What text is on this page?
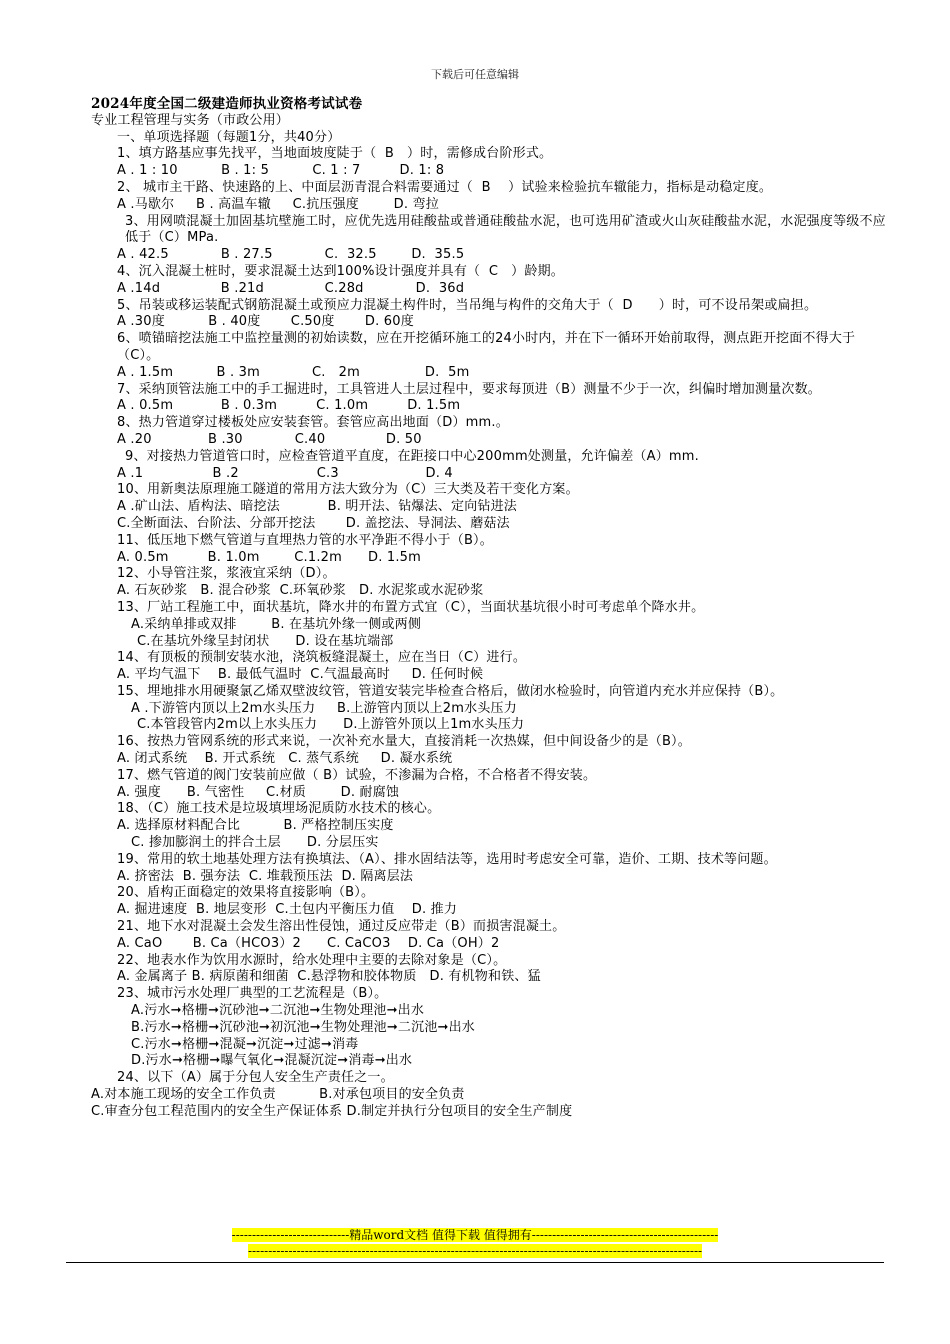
下载后可任意编辑
2024年度全国二级建造师执业资格考试试卷
专业工程管理与实务（市政公用）
一、单项选择题（每题1分，共40分）
1、填方路基应事先找平，当地面坡度陡于（  B   ）时，需修成台阶形式。
A . 1 : 10          B . 1: 5          C. 1 : 7         D. 1: 8
2、 城市主干路、快速路的上、中面层沥青混合料需要通过（  B    ）试验来检验抗车辙能力，指标是动稳定度。
A .马歇尔     B . 高温车辙     C.抗压强度        D. 弯拉
3、用网喷混凝土加固基坑壁施工时，应优先选用硅酸盐或普通硅酸盐水泥，也可选用矿渣或火山灰硅酸盐水泥，水泥强度等级不应低于（C）MPa.
A . 42.5            B . 27.5            C.  32.5        D.  35.5
4、沉入混凝土桩时，要求混凝土达到100%设计强度并具有（  C   ）龄期。
A .14d              B .21d              C.28d            D.  36d
5、吊装或移运装配式钢筋混凝土或预应力混凝土构件时，当吊绳与构件的交角大于（  D      ）时，可不设吊架或扁担。
A .30度          B . 40度       C.50度       D. 60度
6、喷锚暗挖法施工中监控量测的初始读数，应在开挖循环施工的24小时内，并在下一循环开始前取得，测点距开挖面不得大于（C）。
A . 1.5m          B . 3m            C.   2m               D.  5m
7、采纳顶管法施工中的手工掘进时，工具管进人土层过程中，要求每顶进（B）测量不少于一次，纠偏时增加测量次数。
A . 0.5m           B . 0.3m         C. 1.0m         D. 1.5m
8、热力管道穿过楼板处应安装套管。套管应高出地面（D）mm.。
A .20             B .30            C.40              D. 50
9、对接热力管道管口时，应检查管道平直度，在距接口中心200mm处测量，允许偏差（A）mm.
A .1                B .2                  C.3                    D. 4
10、用新奥法原理施工隧道的常用方法大致分为（C）三大类及若干变化方案。
A .矿山法、盾构法、暗挖法           B. 明开法、钻爆法、定向钻进法
C.全断面法、台阶法、分部开挖法       D. 盖挖法、导洞法、蘑菇法
11、低压地下燃气管道与直埋热力管的水平净距不得小于（B）。
A. 0.5m         B. 1.0m        C.1.2m      D. 1.5m
12、小导管注浆，浆液宜采纳（D）。
A. 石灰砂浆   B. 混合砂浆  C.环氧砂浆   D. 水泥浆或水泥砂浆
13、厂站工程施工中，面状基坑，降水井的布置方式宜（C），当面状基坑很小时可考虑单个降水井。
A.采纳单排或双排        B. 在基坑外缘一侧或两侧
C.在基坑外缘呈封闭状      D. 设在基坑端部
14、有顶板的预制安装水池，浇筑板缝混凝土，应在当日（C）进行。
A. 平均气温下    B. 最低气温时  C.气温最高时     D. 任何时候
15、埋地排水用硬聚氯乙烯双壁波纹管，管道安装完毕检查合格后，做闭水检验时，向管道内充水并应保持（B）。
A .下游管内顶以上2m水头压力     B.上游管内顶以上2m水头压力
C.本管段管内2m以上水头压力      D.上游管外顶以上1m水头压力
16、按热力管网系统的形式来说，一次补充水量大，直接消耗一次热媒，但中间设备少的是（B）。
A. 闭式系统    B. 开式系统   C. 蒸气系统     D. 凝水系统
17、燃气管道的阀门安装前应做（ B）试验，不渗漏为合格，不合格者不得安装。
A. 强度      B. 气密性     C.材质        D. 耐腐蚀
18、（C）施工技术是垃圾填埋场泥质防水技术的核心。
A. 选择原材料配合比          B. 严格控制压实度
C. 掺加膨润土的拌合土层      D. 分层压实
19、常用的软土地基处理方法有换填法、（A）、排水固结法等，选用时考虑安全可靠，造价、工期、技术等问题。
A. 挤密法  B. 强夯法  C. 堆载预压法  D. 隔离层法
20、盾构正面稳定的效果将直接影响（B）。
A. 掘进速度  B. 地层变形  C.土包内平衡压力值    D. 推力
21、地下水对混凝土会发生溶出性侵蚀，通过反应带走（B）而损害混凝土。
A. CaO       B. Ca（HCO3）2      C. CaCO3    D. Ca（OH）2
22、地表水作为饮用水源时，给水处理中主要的去除对象是（C）。
A. 金属离子 B. 病原菌和细菌  C.悬浮物和胶体物质   D. 有机物和铁、猛
23、城市污水处理厂典型的工艺流程是（B）。
A.污水➞格栅➞沉砂池➞二沉池➞生物处理池➞出水
B.污水➞格栅➞沉砂池➞初沉池➞生物处理池➞二沉池➞出水
C.污水➞格栅➞混凝➞沉淀➞过滤➞消毒
D.污水➞格栅➞曝气氧化➞混凝沉淀➞消毒➞出水
24、以下（A）属于分包人安全生产责任之一。
A.对本施工现场的安全工作负责          B.对承包项目的安全负责
C.审查分包工程范围内的安全生产保证体系 D.制定并执行分包项目的安全生产制度
-----------------------------精品word文档 值得下载 值得拥有----------------------------------------------
----------------------------------------------------------------------------------------------------------------
